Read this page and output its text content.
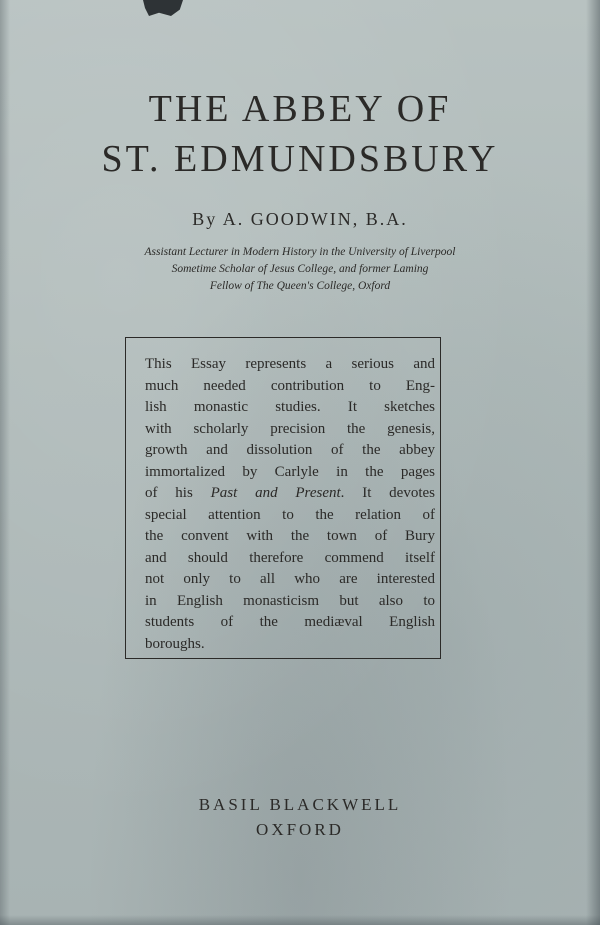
THE ABBEY OF
ST. EDMUNDSBURY
By A. GOODWIN, B.A.
Assistant Lecturer in Modern History in the University of Liverpool
Sometime Scholar of Jesus College, and former Laming
Fellow of The Queen's College, Oxford
This Essay represents a serious and
much needed contribution to Eng-
lish monastic studies. It sketches
with scholarly precision the genesis,
growth and dissolution of the abbey
immortalized by Carlyle in the pages
of his Past and Present. It devotes
special attention to the relation of
the convent with the town of Bury
and should therefore commend itself
not only to all who are interested
in English monasticism but also to
students of the mediæval English
boroughs.
BASIL BLACKWELL
OXFORD
